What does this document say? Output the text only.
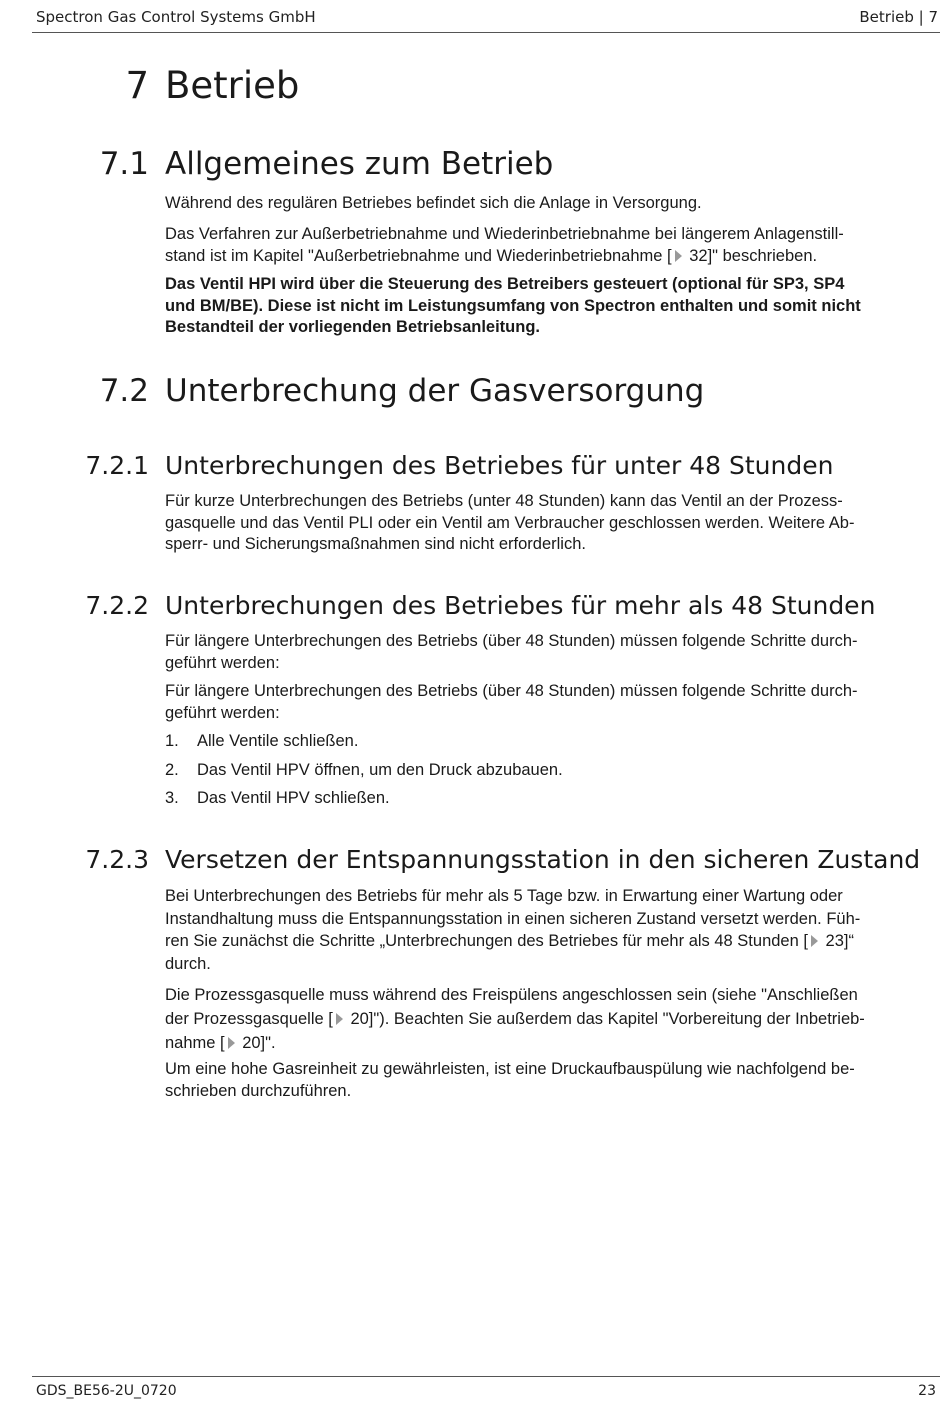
Spectron Gas Control Systems GmbH	Betrieb | 7
7 Betrieb
7.1 Allgemeines zum Betrieb

Während des regulären Betriebes befindet sich die Anlage in Versorgung.

Das Verfahren zur Außerbetriebnahme und Wiederinbetriebnahme bei längerem Anlagenstill-
stand ist im Kapitel "Außerbetriebnahme und Wiederinbetriebnahme [ 32]" beschrieben.

Das Ventil HPI wird über die Steuerung des Betreibers gesteuert (optional für SP3, SP4
und BM/BE). Diese ist nicht im Leistungsumfang von Spectron enthalten und somit nicht
Bestandteil der vorliegenden Betriebsanleitung.

7.2 Unterbrechung der Gasversorgung
7.2.1 Unterbrechungen des Betriebes für unter 48 Stunden

Für kurze Unterbrechungen des Betriebs (unter 48 Stunden) kann das Ventil an der Prozess-
gasquelle und das Ventil PLI oder ein Ventil am Verbraucher geschlossen werden. Weitere Ab-
sperr- und Sicherungsmaßnahmen sind nicht erforderlich.

7.2.2 Unterbrechungen des Betriebes für mehr als 48 Stunden

Für längere Unterbrechungen des Betriebs (über 48 Stunden) müssen folgende Schritte durch-
geführt werden:

Für längere Unterbrechungen des Betriebs (über 48 Stunden) müssen folgende Schritte durch-
geführt werden:

1. Alle Ventile schließen.
2. Das Ventil HPV öffnen, um den Druck abzubauen.
3. Das Ventil HPV schließen.
7.2.3 Versetzen der Entspannungsstation in den sicheren Zustand

Bei Unterbrechungen des Betriebs für mehr als 5 Tage bzw. in Erwartung einer Wartung oder
Instandhaltung muss die Entspannungsstation in einen sicheren Zustand versetzt werden. Füh-
ren Sie zunächst die Schritte „Unterbrechungen des Betriebes für mehr als 48 Stunden [ 23]“
durch.

Die Prozessgasquelle muss während des Freispülens angeschlossen sein (siehe "Anschließen
der Prozessgasquelle [ 20]"). Beachten Sie außerdem das Kapitel "Vorbereitung der Inbetrieb-
nahme [ 20]".

Um eine hohe Gasreinheit zu gewährleisten, ist eine Druckaufbauspülung wie nachfolgend be-
schrieben durchzuführen.

GDS_BE56-2U_0720	23
